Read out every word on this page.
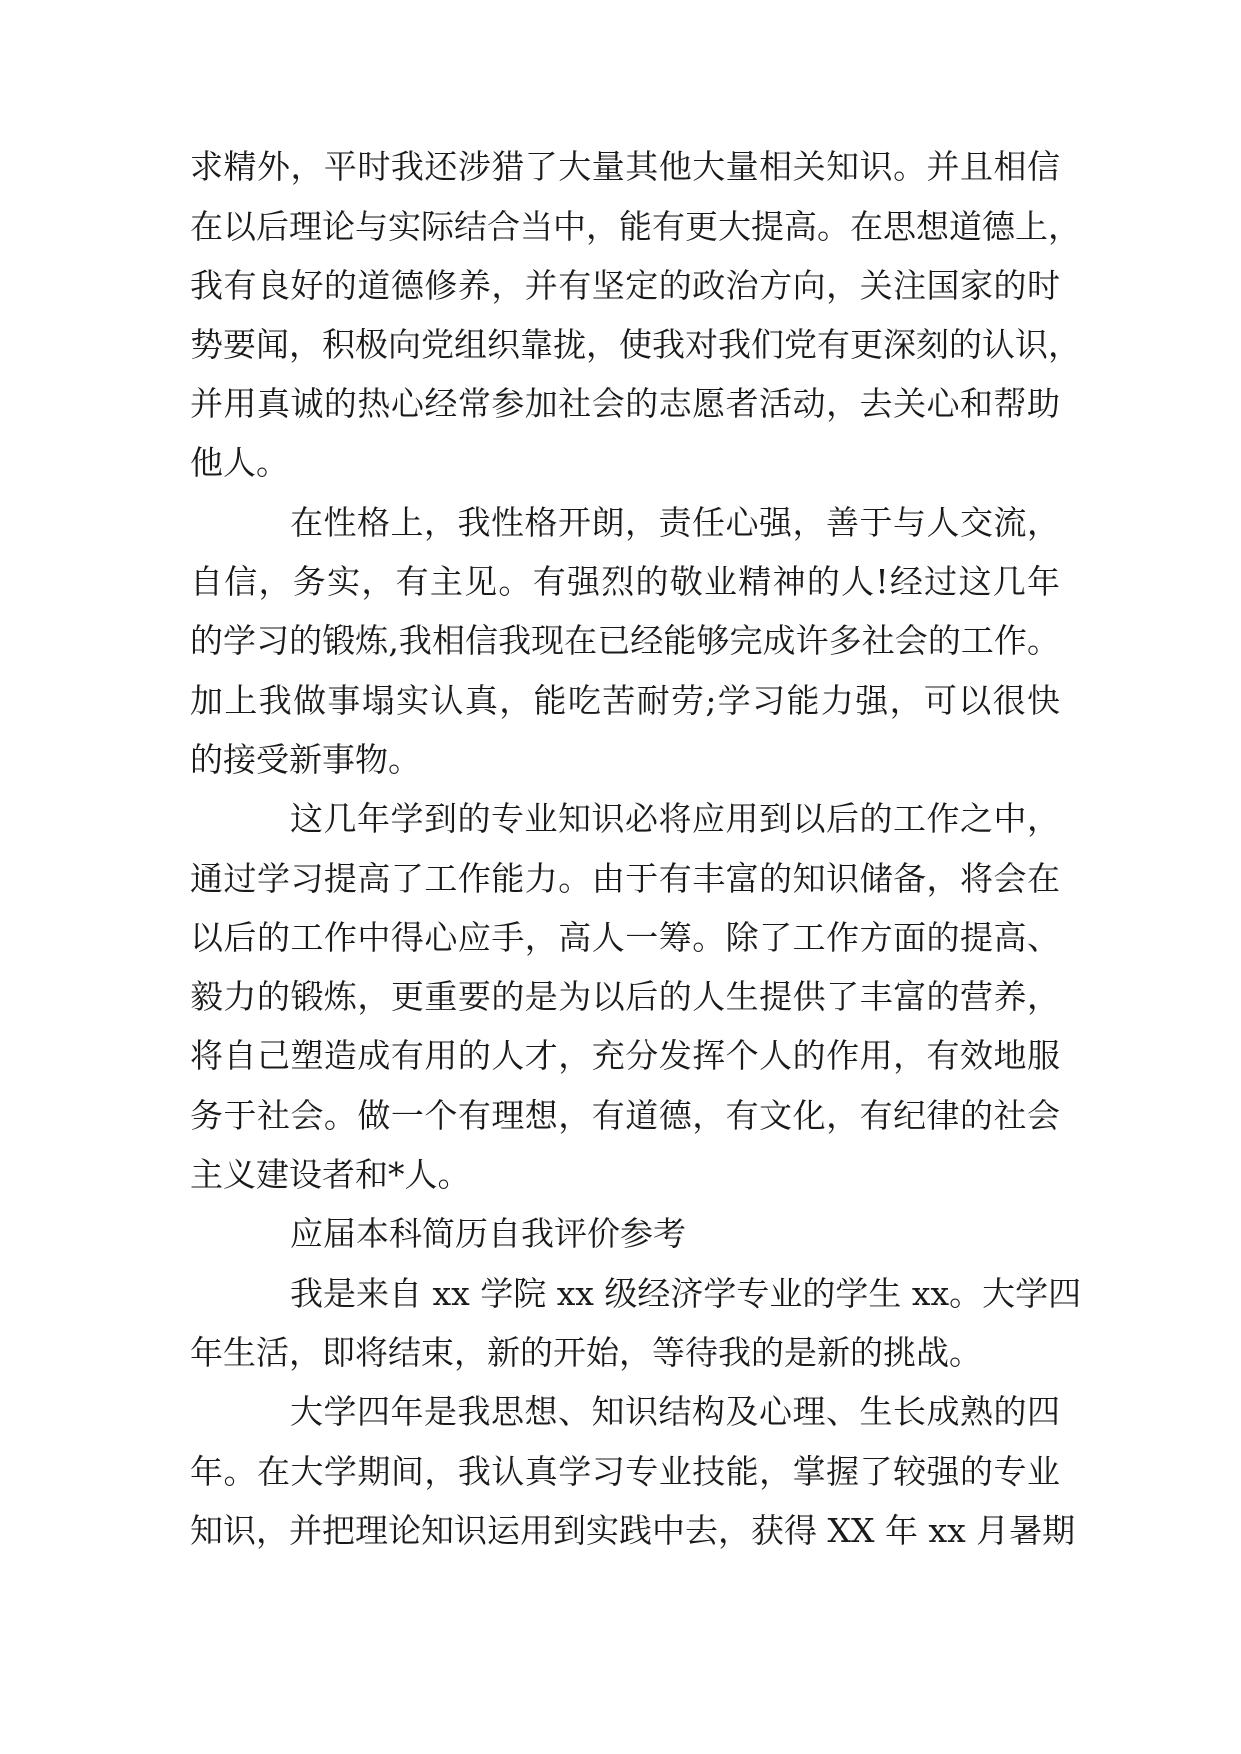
求精外，平时我还涉猎了大量其他大量相关知识。并且相信
在以后理论与实际结合当中，能有更大提高。在思想道德上，
我有良好的道德修养，并有坚定的政治方向，关注国家的时
势要闻，积极向党组织靠拢，使我对我们党有更深刻的认识，
并用真诚的热心经常参加社会的志愿者活动，去关心和帮助
他人。
在性格上，我性格开朗，责任心强，善于与人交流，
自信，务实，有主见。有强烈的敬业精神的人!经过这几年
的学习的锻炼,我相信我现在已经能够完成许多社会的工作。
加上我做事塌实认真，能吃苦耐劳;学习能力强，可以很快
的接受新事物。
这几年学到的专业知识必将应用到以后的工作之中，
通过学习提高了工作能力。由于有丰富的知识储备，将会在
以后的工作中得心应手，高人一筹。除了工作方面的提高、
毅力的锻炼，更重要的是为以后的人生提供了丰富的营养，
将自己塑造成有用的人才，充分发挥个人的作用，有效地服
务于社会。做一个有理想，有道德，有文化，有纪律的社会
主义建设者和*人。
应届本科简历自我评价参考
我是来自 xx 学院 xx 级经济学专业的学生 xx。大学四
年生活，即将结束，新的开始，等待我的是新的挑战。
大学四年是我思想、知识结构及心理、生长成熟的四
年。在大学期间，我认真学习专业技能，掌握了较强的专业
知识，并把理论知识运用到实践中去，获得 XX 年 xx 月暑期
